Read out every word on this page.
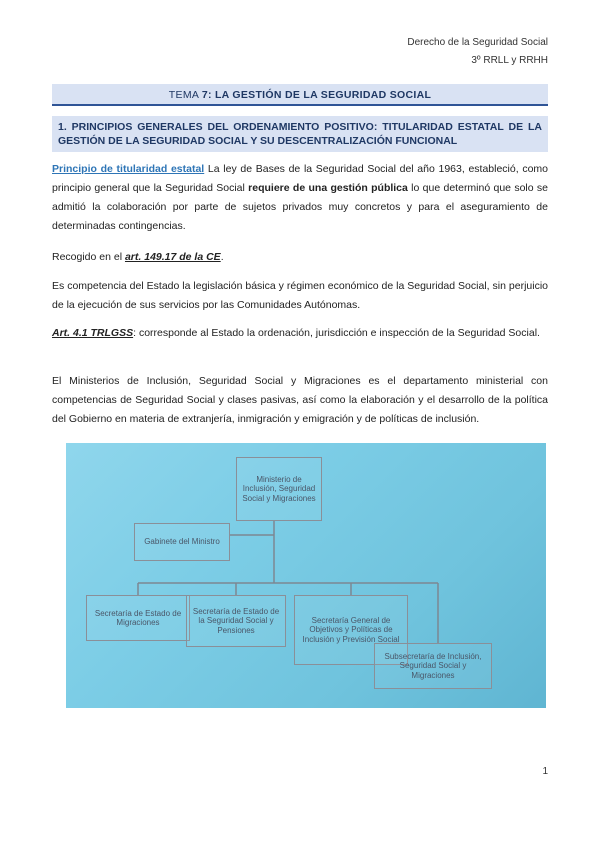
Derecho de la Seguridad Social
3º RRLL y RRHH
TEMA 7: LA GESTIÓN DE LA SEGURIDAD SOCIAL
1. PRINCIPIOS GENERALES DEL ORDENAMIENTO POSITIVO: TITULARIDAD ESTATAL DE LA GESTIÓN DE LA SEGURIDAD SOCIAL Y SU DESCENTRALIZACIÓN FUNCIONAL

Principio de titularidad estatal La ley de Bases de la Seguridad Social del año 1963, estableció, como principio general que la Seguridad Social requiere de una gestión pública lo que determinó que solo se admitió la colaboración por parte de sujetos privados muy concretos y para el aseguramiento de determinadas contingencias.

Recogido en el art. 149.17 de la CE.

Es competencia del Estado la legislación básica y régimen económico de la Seguridad Social, sin perjuicio de la ejecución de sus servicios por las Comunidades Autónomas.

Art. 4.1 TRLGSS: corresponde al Estado la ordenación, jurisdicción e inspección de la Seguridad Social.

El Ministerios de Inclusión, Seguridad Social y Migraciones es el departamento ministerial con competencias de Seguridad Social y clases pasivas, así como la elaboración y el desarrollo de la política del Gobierno en materia de extranjería, inmigración y emigración y de políticas de inclusión.

Ministerio de Inclusión, Seguridad Social y Migraciones
Gabinete del Ministro
Secretaría de Estado de Migraciones
Secretaría de Estado de la Seguridad Social y Pensiones
Secretaría General de Objetivos y Políticas de Inclusión y Previsión Social
Subsecretaría de Inclusión, Seguridad Social y Migraciones
1
